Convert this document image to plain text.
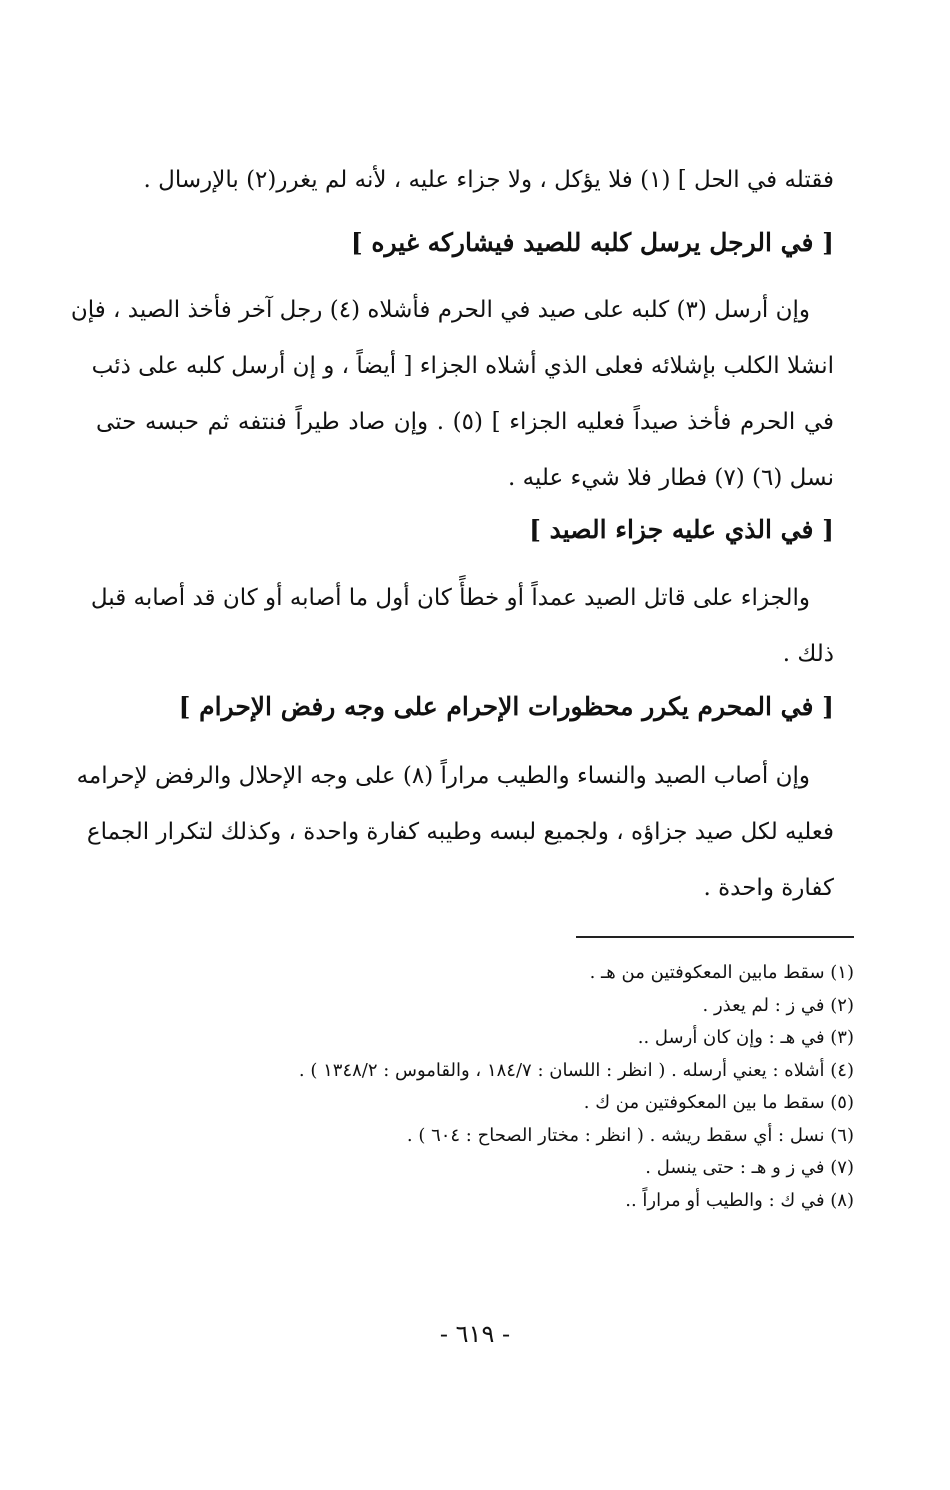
فقتله في الحل ] (١) فلا يؤكل ، ولا جزاء عليه ، لأنه لم يغرر(٢) بالإرسال .

[ في الرجل يرسل كلبه للصيد فيشاركه غيره ]

وإن أرسل (٣) كلبه على صيد في الحرم فأشلاه (٤) رجل آخر فأخذ الصيد ، فإن
انشلا الكلب بإشلائه فعلى الذي أشلاه الجزاء [ أيضاً ، و إن أرسل كلبه على ذئب
في الحرم فأخذ صيداً فعليه الجزاء ] (٥) . وإن صاد طيراً فنتفه ثم حبسه حتى
نسل (٦) (٧) فطار فلا شيء عليه .

[ في الذي عليه جزاء الصيد ]

والجزاء على قاتل الصيد عمداً أو خطأً كان أول ما أصابه أو كان قد أصابه قبل
ذلك .

[ في المحرم يكرر محظورات الإحرام على وجه رفض الإحرام ]

وإن أصاب الصيد والنساء والطيب مراراً (٨) على وجه الإحلال والرفض لإحرامه
فعليه لكل صيد جزاؤه ، ولجميع لبسه وطيبه كفارة واحدة ، وكذلك لتكرار الجماع
كفارة واحدة .

(١) سقط مابين المعكوفتين من هـ .
(٢) في ز : لم يعذر .
(٣) في هـ : وإن كان أرسل ..
(٤) أشلاه : يعني أرسله . ( انظر : اللسان : ١٨٤/٧ ، والقاموس : ١٣٤٨/٢ ) .
(٥) سقط ما بين المعكوفتين من ك .
(٦) نسل : أي سقط ريشه . ( انظر : مختار الصحاح : ٦٠٤ ) .
(٧) في ز و هـ : حتى ينسل .
(٨) في ك : والطيب أو مراراً ..
- ٦١٩ -
